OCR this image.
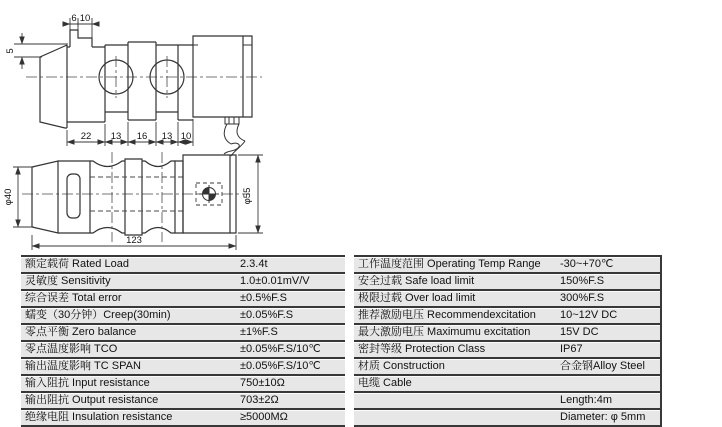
6 10
5
22 13 16 13 10
φ40	φ55
123
额定载荷 Rated Load	2.3.4t
灵敏度 Sensitivity	1.0±0.01mV/V
综合误差 Total error	±0.5%F.S
蠕变（30分钟）Creep(30min)	±0.05%F.S
零点平衡 Zero balance	±1%F.S
零点温度影响 TCO	±0.05%F.S/10℃
输出温度影响 TC SPAN	±0.05%F.S/10℃
输入阻抗 Input resistance	750±10Ω
输出阻抗 Output resistance	703±2Ω
绝缘电阻 Insulation resistance	≥5000MΩ
工作温度范围 Operating Temp Range	-30~+70℃
安全过载 Safe load limit	150%F.S
极限过载 Over load limit	300%F.S
推荐激励电压 Recommendexcitation	10~12V DC
最大激励电压 Maximumu excitation	15V DC
密封等级 Protection Class	IP67
材质 Construction	合金钢Alloy Steel
电缆 Cable
Length:4m
Diameter: φ 5mm
